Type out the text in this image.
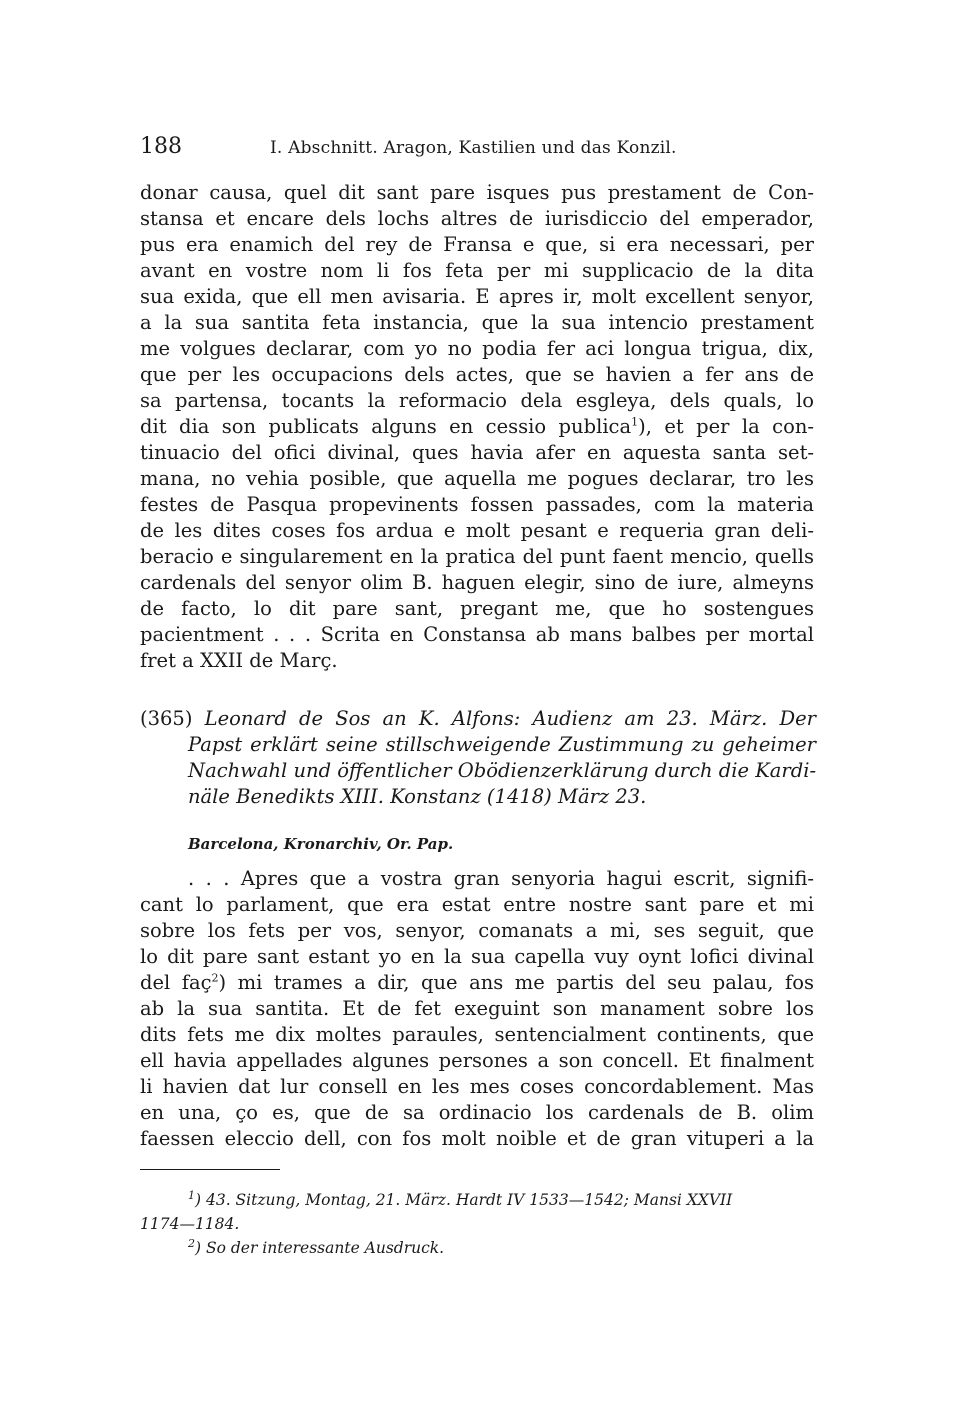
188	I. Abschnitt. Aragon, Kastilien und das Konzil.
donar causa, quel dit sant pare isques pus prestament de Con-
stansa et encare dels lochs altres de iurisdiccio del emperador,
pus era enamich del rey de Fransa e que, si era necessari, per
avant en vostre nom li fos feta per mi supplicacio de la dita
sua exida, que ell men avisaria. E apres ir, molt excellent senyor,
a la sua santita feta instancia, que la sua intencio prestament
me volgues declarar, com yo no podia fer aci longua trigua, dix,
que per les occupacions dels actes, que se havien a fer ans de
sa partensa, tocants la reformacio dela esgleya, dels quals, lo
dit dia son publicats alguns en cessio publica$^1$), et per la con-
tinuacio del ofici divinal, ques havia afer en aquesta santa set-
mana, no vehia posible, que aquella me pogues declarar, tro les
festes de Pasqua propevinents fossen passades, com la materia
de les dites coses fos ardua e molt pesant e requeria gran deli-
beracio e singularement en la pratica del punt faent mencio, quells
cardenals del senyor olim B. haguen elegir, sino de iure, almeyns
de facto, lo dit pare sant, pregant me, que ho sostengues
pacientment . . . Scrita en Constansa ab mans balbes per mortal
fret a XXII de Marҫ.
(365) Leonard de Sos an K. Alfons: Audienz am 23. März. Der
Papst erklärt seine stillschweigende Zustimmung zu geheimer
Nachwahl und öffentlicher Obödienzerklärung durch die Kardi-
näle Benedikts XIII. Konstanz (1418) März 23.
Barcelona, Kronarchiv, Or. Pap.
. . . Apres que a vostra gran senyoria hagui escrit, signifi-
cant lo parlament, que era estat entre nostre sant pare et mi
sobre los fets per vos, senyor, comanats a mi, ses seguit, que
lo dit pare sant estant yo en la sua capella vuy oynt lofici divinal
del faҫ$^2$) mi trames a dir, que ans me partis del seu palau, fos
ab la sua santita. Et de fet exeguint son manament sobre los
dits fets me dix moltes paraules, sentencialment continents, que
ell havia appellades algunes persones a son concell. Et finalment
li havien dat lur consell en les mes coses concordablement. Mas
en una, ҫo es, que de sa ordinacio los cardenals de B. olim
faessen eleccio dell, con fos molt noible et de gran vituperi a la
$^1$) 43. Sitzung, Montag, 21. März. Hardt IV 1533—1542; Mansi XXVII
1174—1184.
$^2$) So der interessante Ausdruck.
